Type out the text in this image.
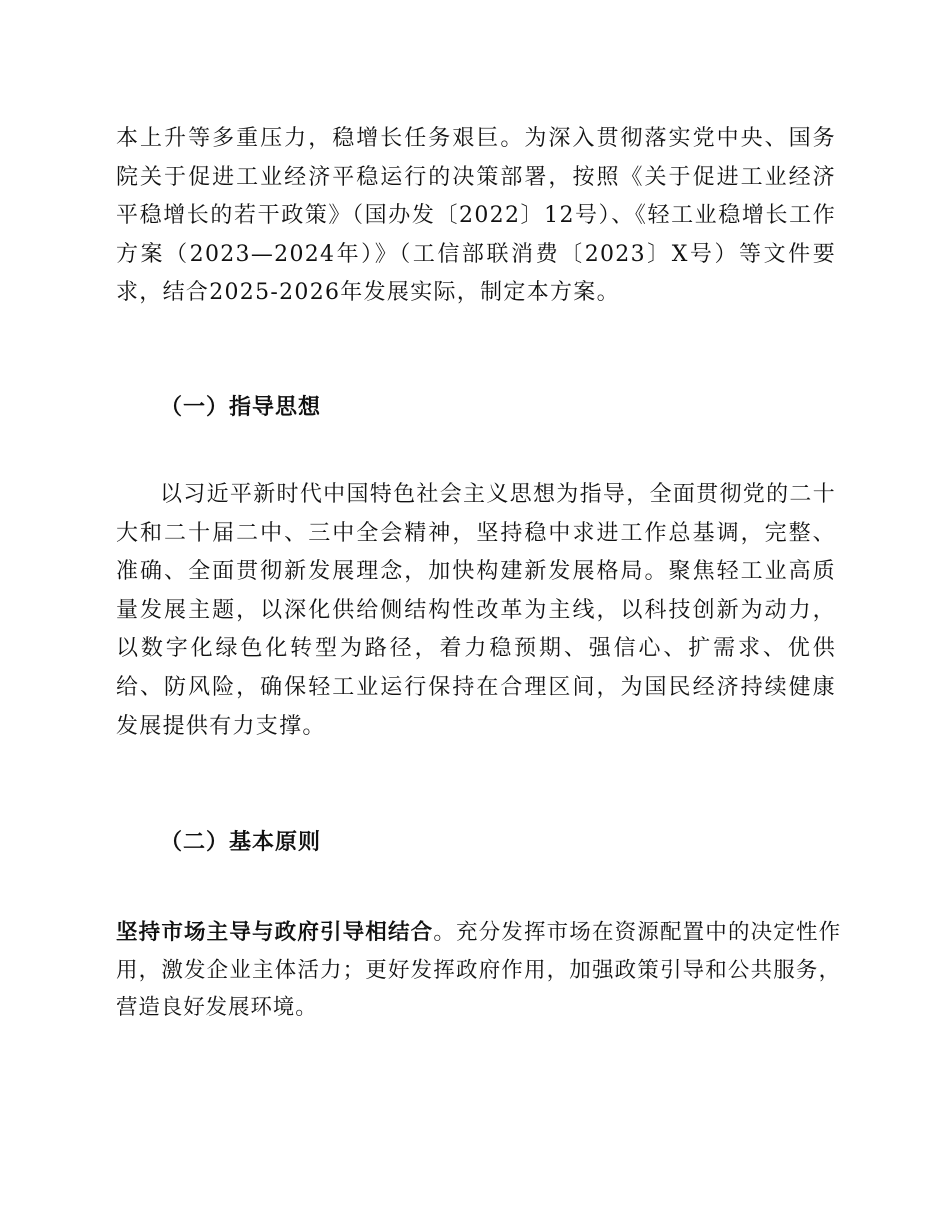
本上升等多重压力，稳增长任务艰巨。为深入贯彻落实党中央、国务院关于促进工业经济平稳运行的决策部署，按照《关于促进工业经济平稳增长的若干政策》（国办发〔2022〕12号）、《轻工业稳增长工作方案（2023—2024年）》（工信部联消费〔2023〕X号）等文件要求，结合2025-2026年发展实际，制定本方案。

（一）指导思想

以习近平新时代中国特色社会主义思想为指导，全面贯彻党的二十大和二十届二中、三中全会精神，坚持稳中求进工作总基调，完整、准确、全面贯彻新发展理念，加快构建新发展格局。聚焦轻工业高质量发展主题，以深化供给侧结构性改革为主线，以科技创新为动力，以数字化绿色化转型为路径，着力稳预期、强信心、扩需求、优供给、防风险，确保轻工业运行保持在合理区间，为国民经济持续健康发展提供有力支撑。

（二）基本原则

坚持市场主导与政府引导相结合。充分发挥市场在资源配置中的决定性作用，激发企业主体活力；更好发挥政府作用，加强政策引导和公共服务，营造良好发展环境。
